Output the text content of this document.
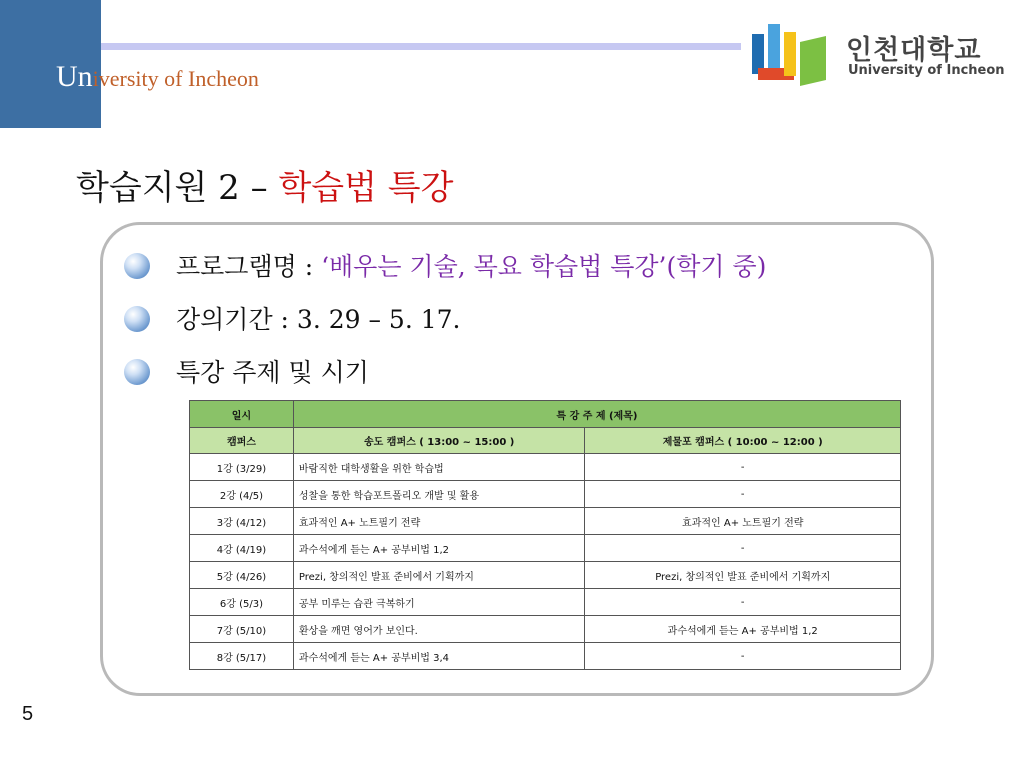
University of Incheon
인천대학교
University of Incheon
학습지원 2 – 학습법 특강
프로그램명 : ‘배우는 기술, 목요 학습법 특강’(학기 중)
강의기간 : 3. 29 – 5. 17.
특강 주제 및 시기
일시	특 강 주 제 (제목)	
캠퍼스	송도 캠퍼스 ( 13:00 ~ 15:00 )	제물포 캠퍼스 ( 10:00 ~ 12:00 )
1강 (3/29)	바람직한 대학생활을 위한 학습법	-
2강 (4/5)	성찰을 통한 학습포트폴리오 개발 및 활용	-
3강 (4/12)	효과적인 A+ 노트필기 전략	효과적인 A+ 노트필기 전략
4강 (4/19)	과수석에게 듣는 A+ 공부비법 1,2	-
5강 (4/26)	Prezi, 창의적인 발표 준비에서 기획까지	Prezi, 창의적인 발표 준비에서 기획까지
6강 (5/3)	공부 미루는 습관 극복하기	-
7강 (5/10)	환상을 깨면 영어가 보인다.	과수석에게 듣는 A+ 공부비법 1,2
8강 (5/17)	과수석에게 듣는 A+ 공부비법 3,4	-
5
